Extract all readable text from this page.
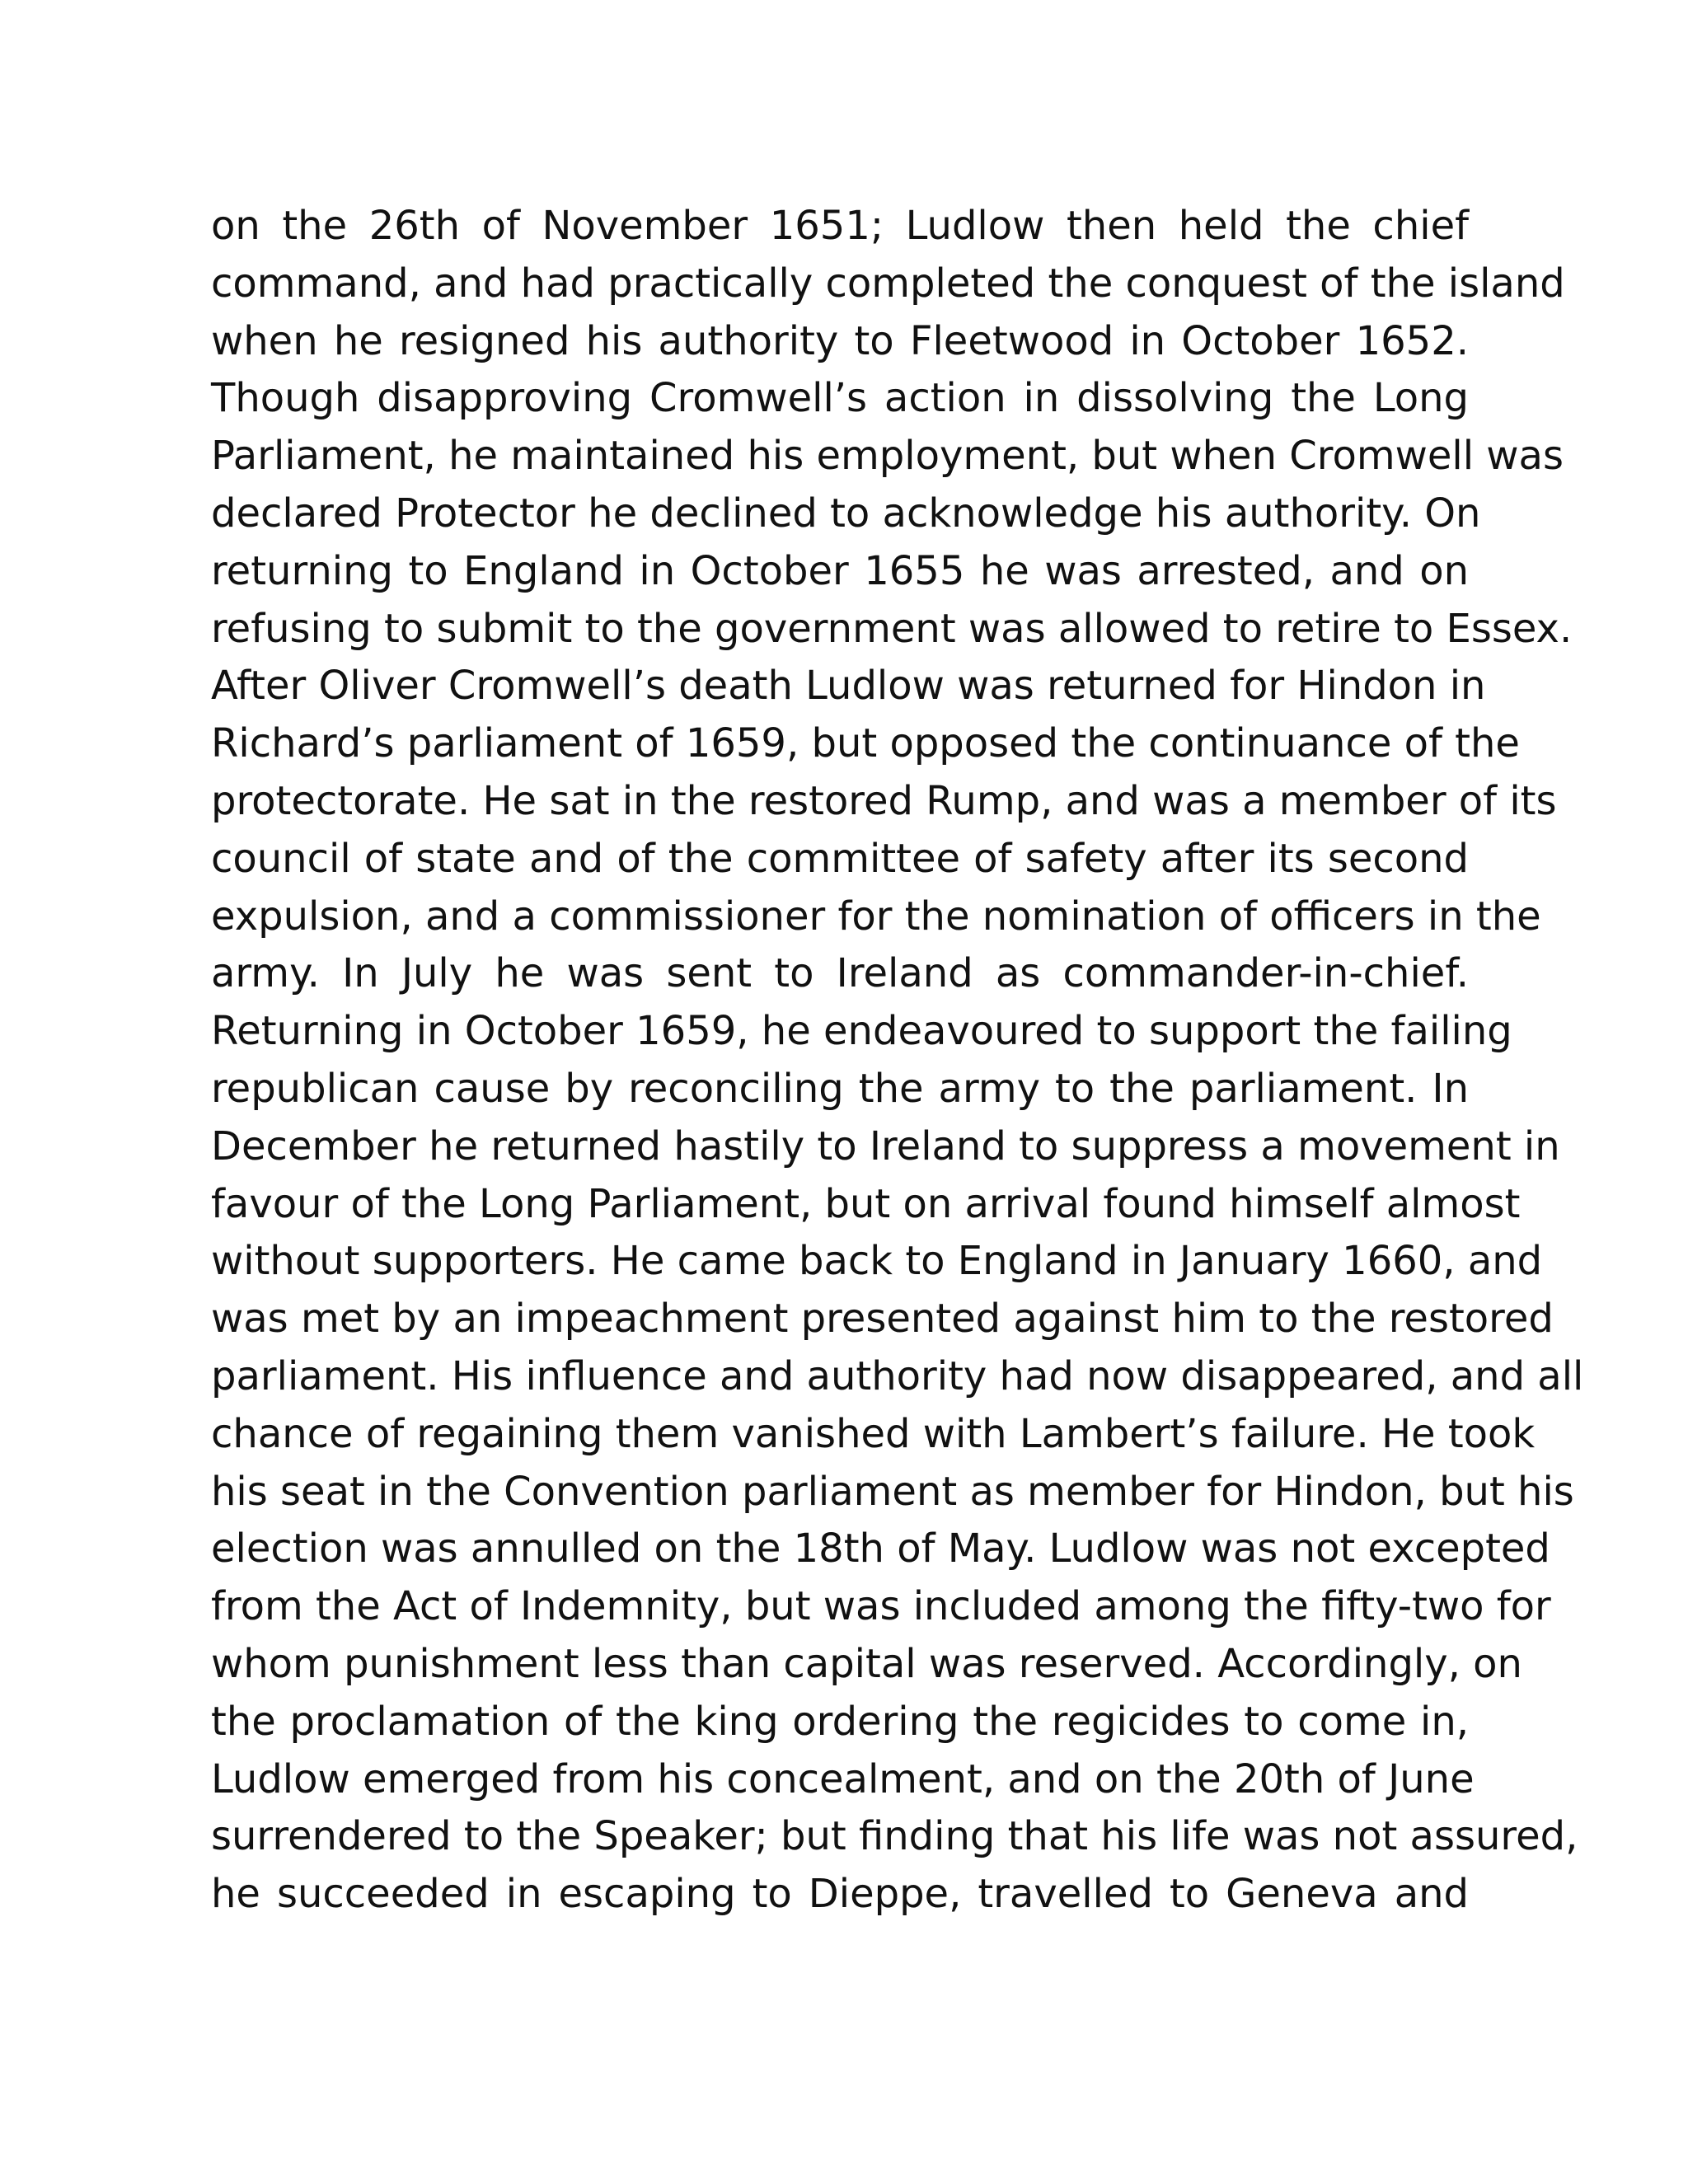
on the 26th of November 1651; Ludlow then held the chief
command, and had practically completed the conquest of the island
when he resigned his authority to Fleetwood in October 1652.
Though disapproving Cromwell’s action in dissolving the Long
Parliament, he maintained his employment, but when Cromwell was
declared Protector he declined to acknowledge his authority. On
returning to England in October 1655 he was arrested, and on
refusing to submit to the government was allowed to retire to Essex.
After Oliver Cromwell’s death Ludlow was returned for Hindon in
Richard’s parliament of 1659, but opposed the continuance of the
protectorate. He sat in the restored Rump, and was a member of its
council of state and of the committee of safety after its second
expulsion, and a commissioner for the nomination of officers in the
army. In July he was sent to Ireland as commander-in-chief.
Returning in October 1659, he endeavoured to support the failing
republican cause by reconciling the army to the parliament. In
December he returned hastily to Ireland to suppress a movement in
favour of the Long Parliament, but on arrival found himself almost
without supporters. He came back to England in January 1660, and
was met by an impeachment presented against him to the restored
parliament. His influence and authority had now disappeared, and all
chance of regaining them vanished with Lambert’s failure. He took
his seat in the Convention parliament as member for Hindon, but his
election was annulled on the 18th of May. Ludlow was not excepted
from the Act of Indemnity, but was included among the fifty-two for
whom punishment less than capital was reserved. Accordingly, on
the proclamation of the king ordering the regicides to come in,
Ludlow emerged from his concealment, and on the 20th of June
surrendered to the Speaker; but finding that his life was not assured,
he succeeded in escaping to Dieppe, travelled to Geneva and
